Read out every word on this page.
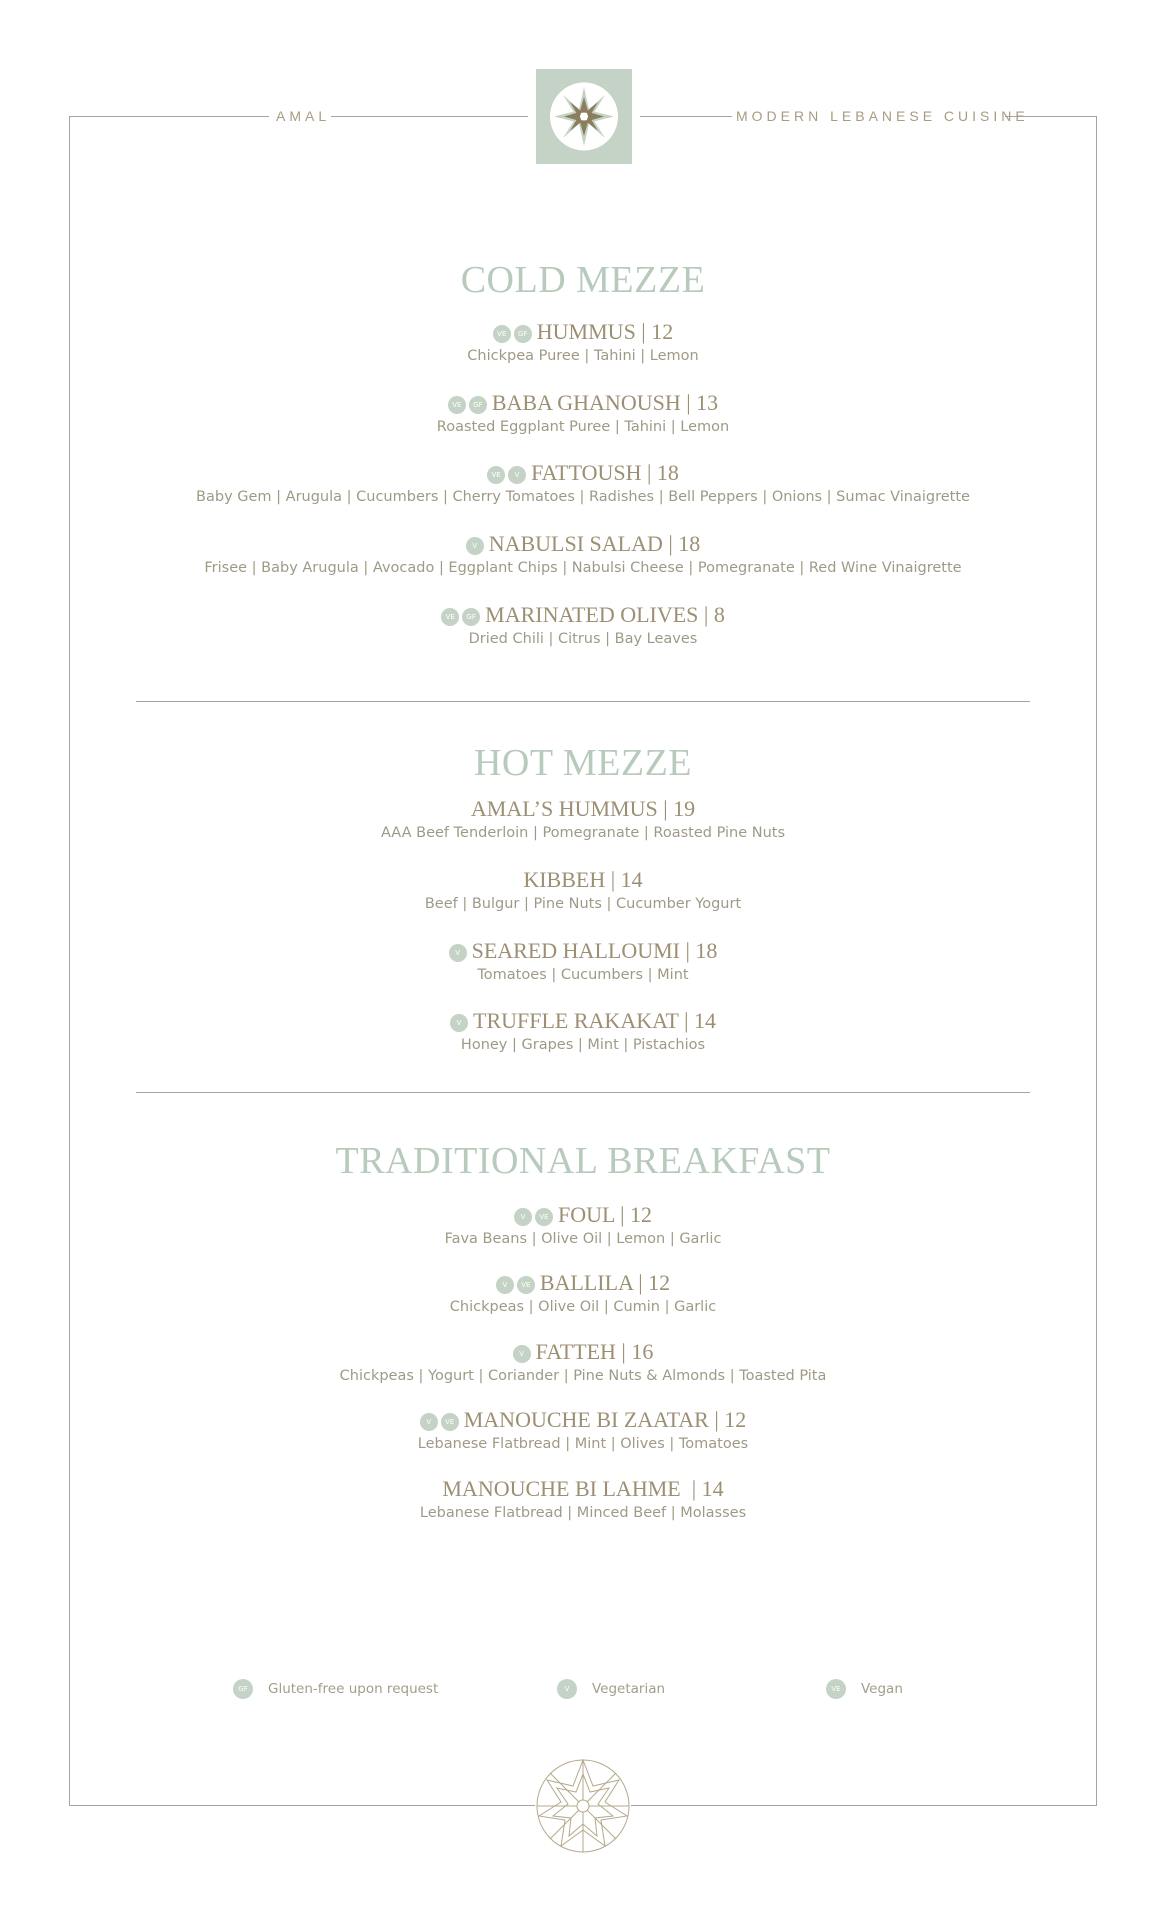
AMAL	MODERN LEBANESE CUISINE
COLD MEZZE
VE GF HUMMUS | 12
Chickpea Puree | Tahini | Lemon
VE GF BABA GHANOUSH | 13
Roasted Eggplant Puree | Tahini | Lemon
VE V FATTOUSH | 18
Baby Gem | Arugula | Cucumbers | Cherry Tomatoes | Radishes | Bell Peppers | Onions | Sumac Vinaigrette
V NABULSI SALAD | 18
Frisee | Baby Arugula | Avocado | Eggplant Chips | Nabulsi Cheese | Pomegranate | Red Wine Vinaigrette
VE GF MARINATED OLIVES | 8
Dried Chili | Citrus | Bay Leaves
HOT MEZZE
AMAL’S HUMMUS | 19
AAA Beef Tenderloin | Pomegranate | Roasted Pine Nuts
KIBBEH | 14
Beef | Bulgur | Pine Nuts | Cucumber Yogurt
V SEARED HALLOUMI | 18
Tomatoes | Cucumbers | Mint
V TRUFFLE RAKAKAT | 14
Honey | Grapes | Mint | Pistachios
TRADITIONAL BREAKFAST
V VE FOUL | 12
Fava Beans | Olive Oil | Lemon | Garlic
V VE BALLILA | 12
Chickpeas | Olive Oil | Cumin | Garlic
V FATTEH | 16
Chickpeas | Yogurt | Coriander | Pine Nuts & Almonds | Toasted Pita
V VE MANOUCHE BI ZAATAR | 12
Lebanese Flatbread | Mint | Olives | Tomatoes
MANOUCHE BI LAHME  | 14
Lebanese Flatbread | Minced Beef | Molasses
GF	Gluten-free upon request	V	Vegetarian	VE	Vegan
